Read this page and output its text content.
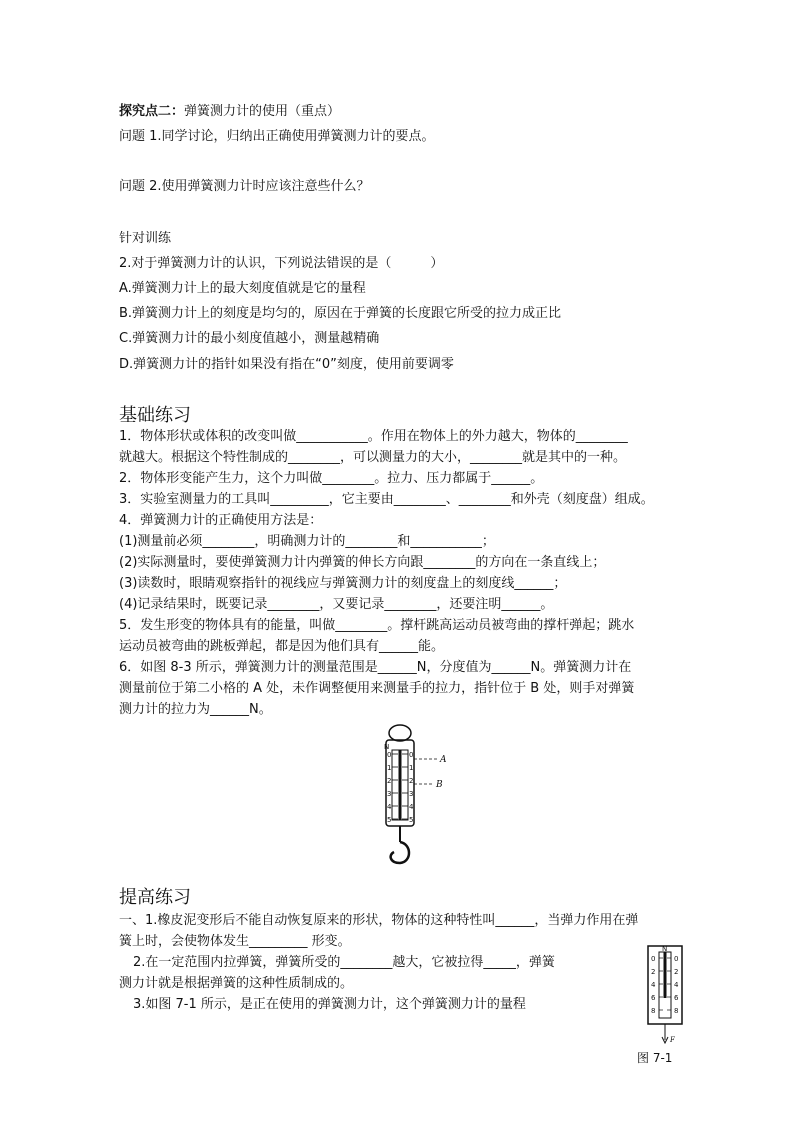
探究点二：弹簧测力计的使用（重点）
问题 1.同学讨论，归纳出正确使用弹簧测力计的要点。
问题 2.使用弹簧测力计时应该注意些什么？
针对训练
2.对于弹簧测力计的认识，下列说法错误的是（　　　）
A.弹簧测力计上的最大刻度值就是它的量程
B.弹簧测力计上的刻度是均匀的，原因在于弹簧的长度跟它所受的拉力成正比
C.弹簧测力计的最小刻度值越小，测量越精确
D.弹簧测力计的指针如果没有指在“0”刻度，使用前要调零
基础练习
1．物体形状或体积的改变叫做___________。作用在物体上的外力越大，物体的________
就越大。根据这个特性制成的________，可以测量力的大小，________就是其中的一种。
2．物体形变能产生力，这个力叫做________。拉力、压力都属于______。
3．实验室测量力的工具叫_________，它主要由________、________和外壳（刻度盘）组成。
4．弹簧测力计的正确使用方法是：
(1)测量前必须________，明确测力计的________和___________；
(2)实际测量时，要使弹簧测力计内弹簧的伸长方向跟________的方向在一条直线上；
(3)读数时，眼睛观察指针的视线应与弹簧测力计的刻度盘上的刻度线______；
(4)记录结果时，既要记录________，又要记录________，还要注明______。
5．发生形变的物体具有的能量，叫做________。撑杆跳高运动员被弯曲的撑杆弹起；跳水
运动员被弯曲的跳板弹起，都是因为他们具有______能。
6．如图 8-3 所示，弹簧测力计的测量范围是______N，分度值为______N。弹簧测力计在
测量前位于第二小格的 A 处，未作调整便用来测量手的拉力，指针位于 B 处，则手对弹簧
测力计的拉力为______N。
N
0
1
2
3
4
5
0
1
2
3
4
5
A
B
提高练习
一、1.橡皮泥变形后不能自动恢复原来的形状，物体的这种特性叫______，当弹力作用在弹
簧上时，会使物体发生_________ 形变。
2.在一定范围内拉弹簧，弹簧所受的________越大，它被拉得_____，弹簧
测力计就是根据弹簧的这种性质制成的。
3.如图 7-1 所示，是正在使用的弹簧测力计，这个弹簧测力计的量程
N
0
2
4
6
8
0
2
4
6
8
F
图 7-1
